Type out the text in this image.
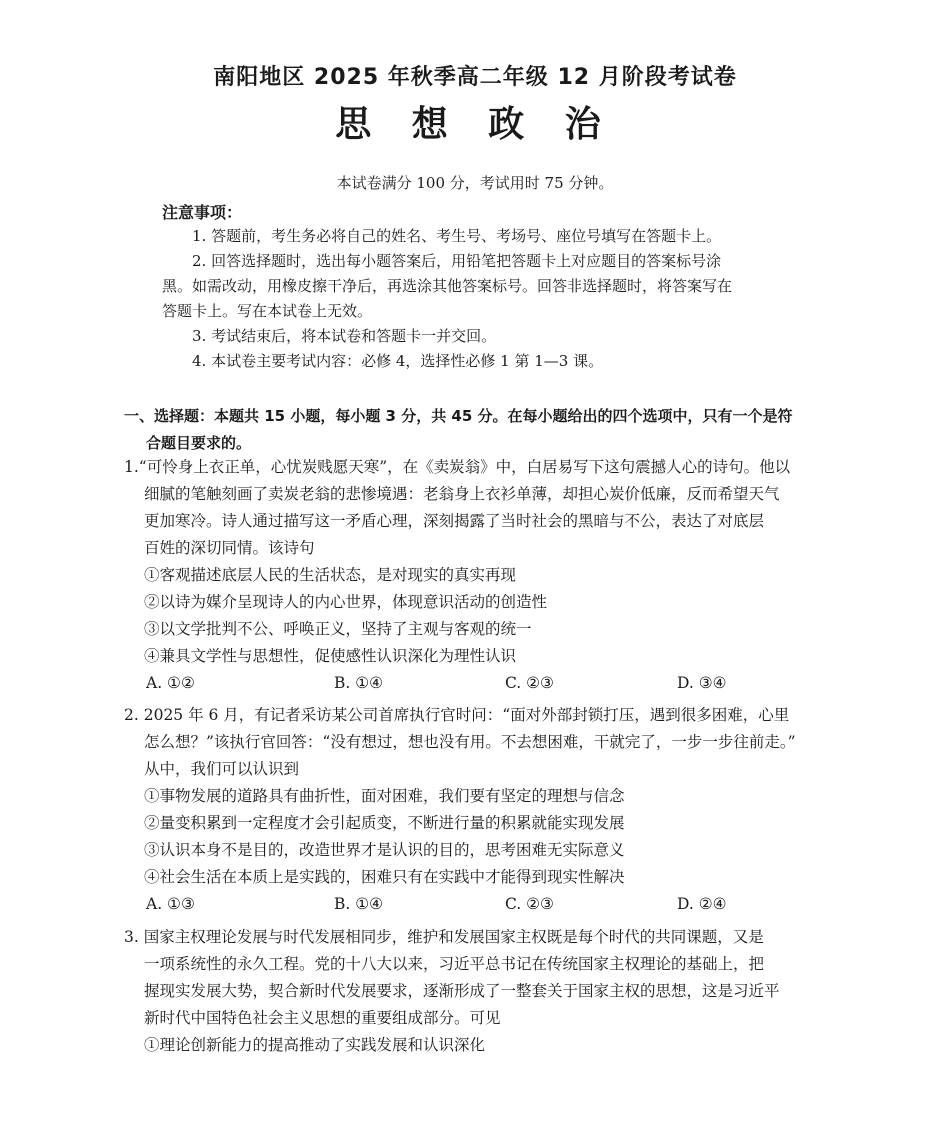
南阳地区 2025 年秋季高二年级 12 月阶段考试卷
思 想 政 治
本试卷满分 100 分，考试用时 75 分钟。
注意事项：
1. 答题前，考生务必将自己的姓名、考生号、考场号、座位号填写在答题卡上。
2. 回答选择题时，选出每小题答案后，用铅笔把答题卡上对应题目的答案标号涂
黑。如需改动，用橡皮擦干净后，再选涂其他答案标号。回答非选择题时，将答案写在
答题卡上。写在本试卷上无效。
3. 考试结束后，将本试卷和答题卡一并交回。
4. 本试卷主要考试内容：必修 4，选择性必修 1 第 1—3 课。
一、选择题：本题共 15 小题，每小题 3 分，共 45 分。在每小题给出的四个选项中，只有一个是符
合题目要求的。
1.“可怜身上衣正单，心忧炭贱愿天寒”，在《卖炭翁》中，白居易写下这句震撼人心的诗句。他以
细腻的笔触刻画了卖炭老翁的悲惨境遇：老翁身上衣衫单薄，却担心炭价低廉，反而希望天气
更加寒冷。诗人通过描写这一矛盾心理，深刻揭露了当时社会的黑暗与不公，表达了对底层
百姓的深切同情。该诗句
①客观描述底层人民的生活状态，是对现实的真实再现
②以诗为媒介呈现诗人的内心世界，体现意识活动的创造性
③以文学批判不公、呼唤正义，坚持了主观与客观的统一
④兼具文学性与思想性，促使感性认识深化为理性认识
A. ①②	B. ①④	C. ②③	D. ③④
2. 2025 年 6 月，有记者采访某公司首席执行官时问：“面对外部封锁打压，遇到很多困难，心里
怎么想？”该执行官回答：“没有想过，想也没有用。不去想困难，干就完了，一步一步往前走。”
从中，我们可以认识到
①事物发展的道路具有曲折性，面对困难，我们要有坚定的理想与信念
②量变积累到一定程度才会引起质变，不断进行量的积累就能实现发展
③认识本身不是目的，改造世界才是认识的目的，思考困难无实际意义
④社会生活在本质上是实践的，困难只有在实践中才能得到现实性解决
A. ①③	B. ①④	C. ②③	D. ②④
3. 国家主权理论发展与时代发展相同步，维护和发展国家主权既是每个时代的共同课题，又是
一项系统性的永久工程。党的十八大以来，习近平总书记在传统国家主权理论的基础上，把
握现实发展大势，契合新时代发展要求，逐渐形成了一整套关于国家主权的思想，这是习近平
新时代中国特色社会主义思想的重要组成部分。可见
①理论创新能力的提高推动了实践发展和认识深化
